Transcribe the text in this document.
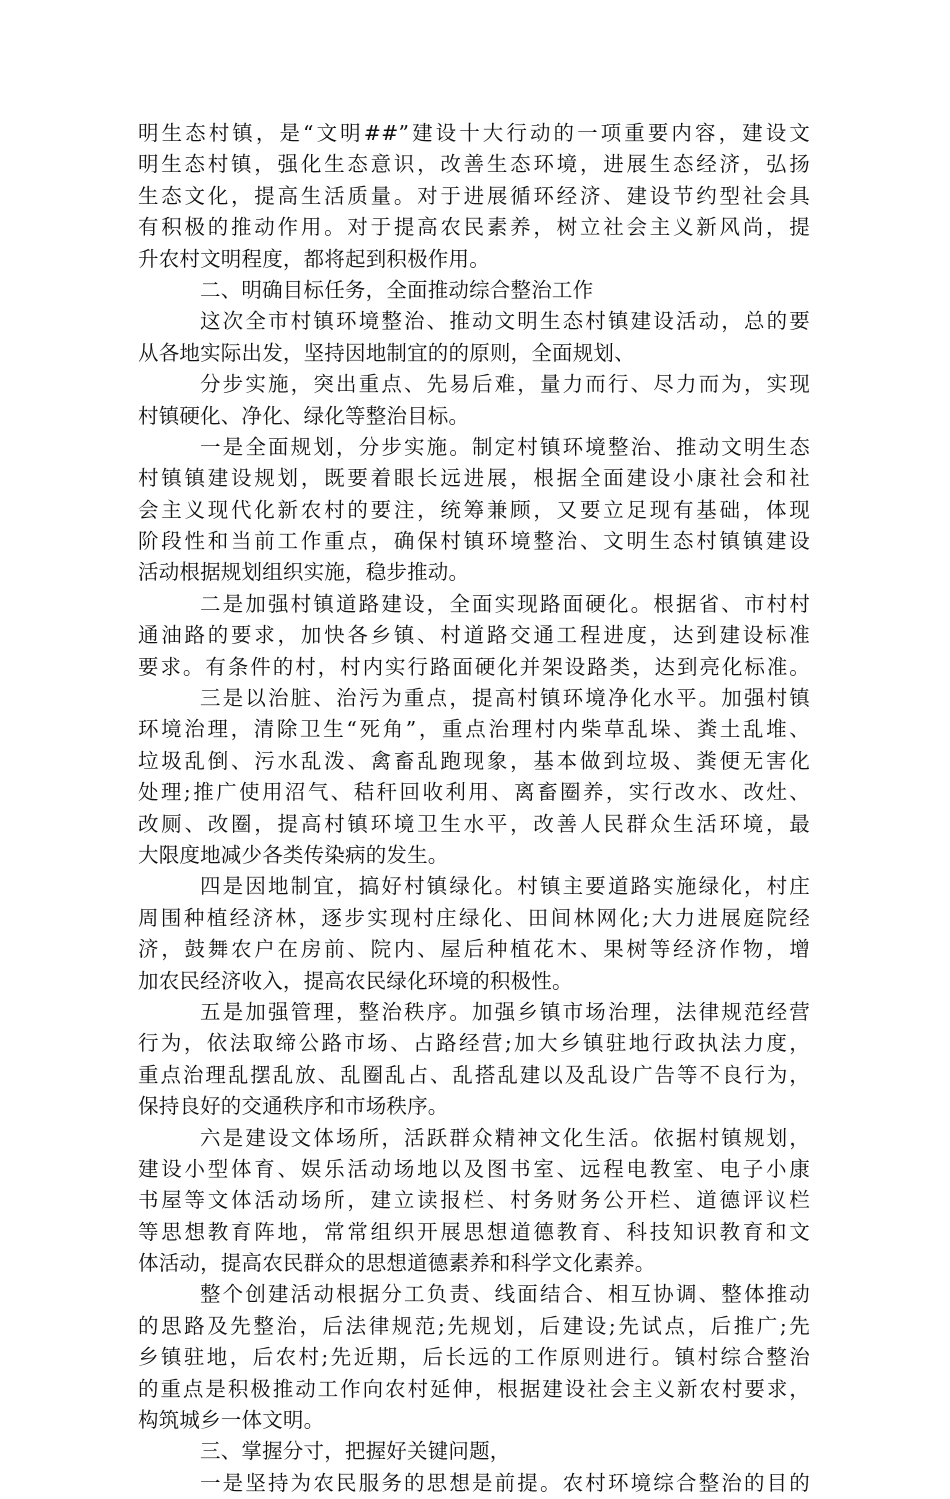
明生态村镇，是“文明##”建设十大行动的一项重要内容，建设文
明生态村镇，强化生态意识，改善生态环境，进展生态经济，弘扬
生态文化，提高生活质量。对于进展循环经济、建设节约型社会具
有积极的推动作用。对于提高农民素养，树立社会主义新风尚，提
升农村文明程度，都将起到积极作用。
二、明确目标任务，全面推动综合整治工作
这次全市村镇环境整治、推动文明生态村镇建设活动，总的要
从各地实际出发，坚持因地制宜的的原则，全面规划、
分步实施，突出重点、先易后难，量力而行、尽力而为，实现
村镇硬化、净化、绿化等整治目标。
一是全面规划，分步实施。制定村镇环境整治、推动文明生态
村镇镇建设规划，既要着眼长远进展，根据全面建设小康社会和社
会主义现代化新农村的要注，统筹兼顾，又要立足现有基础，体现
阶段性和当前工作重点，确保村镇环境整治、文明生态村镇镇建设
活动根据规划组织实施，稳步推动。
二是加强村镇道路建设，全面实现路面硬化。根据省、市村村
通油路的要求，加快各乡镇、村道路交通工程进度，达到建设标准
要求。有条件的村，村内实行路面硬化并架设路类，达到亮化标准。
三是以治脏、治污为重点，提高村镇环境净化水平。加强村镇
环境治理，清除卫生“死角”，重点治理村内柴草乱垛、粪土乱堆、
垃圾乱倒、污水乱泼、禽畜乱跑现象，基本做到垃圾、粪便无害化
处理;推广使用沼气、秸秆回收利用、离畜圈养，实行改水、改灶、
改厕、改圈，提高村镇环境卫生水平，改善人民群众生活环境，最
大限度地减少各类传染病的发生。
四是因地制宜，搞好村镇绿化。村镇主要道路实施绿化，村庄
周围种植经济林，逐步实现村庄绿化、田间林网化;大力进展庭院经
济，鼓舞农户在房前、院内、屋后种植花木、果树等经济作物，增
加农民经济收入，提高农民绿化环境的积极性。
五是加强管理，整治秩序。加强乡镇市场治理，法律规范经营
行为，依法取缔公路市场、占路经营;加大乡镇驻地行政执法力度，
重点治理乱摆乱放、乱圈乱占、乱搭乱建以及乱设广告等不良行为，
保持良好的交通秩序和市场秩序。
六是建设文体场所，活跃群众精神文化生活。依据村镇规划，
建设小型体育、娱乐活动场地以及图书室、远程电教室、电子小康
书屋等文体活动场所，建立读报栏、村务财务公开栏、道德评议栏
等思想教育阵地，常常组织开展思想道德教育、科技知识教育和文
体活动，提高农民群众的思想道德素养和科学文化素养。
整个创建活动根据分工负责、线面结合、相互协调、整体推动
的思路及先整治，后法律规范;先规划，后建设;先试点，后推广;先
乡镇驻地，后农村;先近期，后长远的工作原则进行。镇村综合整治
的重点是积极推动工作向农村延伸，根据建设社会主义新农村要求，
构筑城乡一体文明。
三、掌握分寸，把握好关键问题，
一是坚持为农民服务的思想是前提。农村环境综合整治的目的
